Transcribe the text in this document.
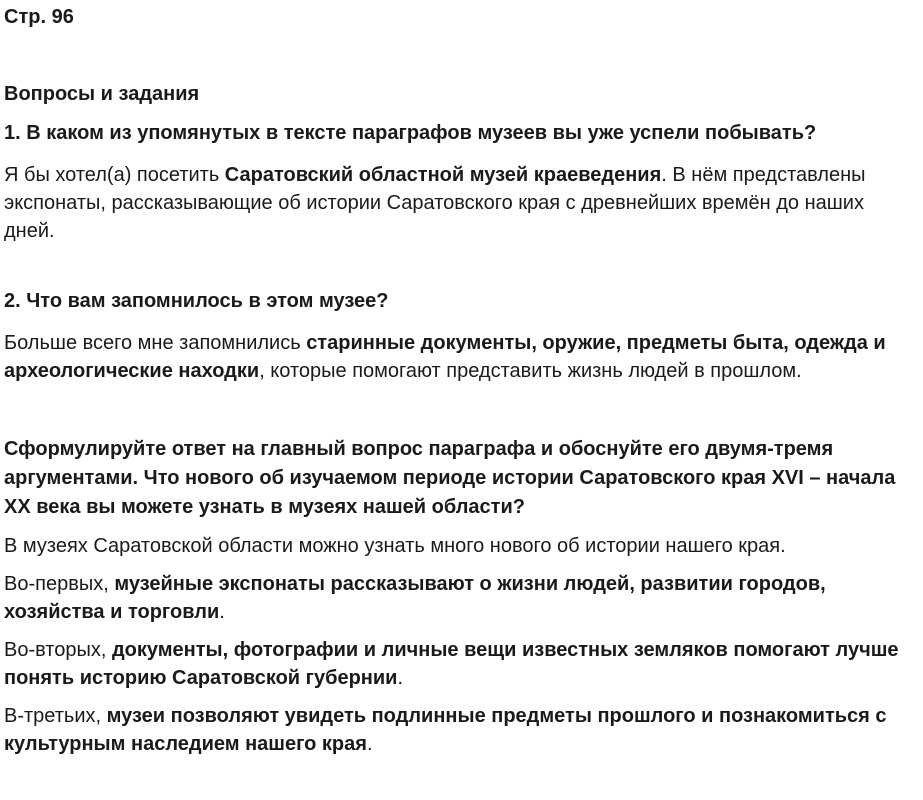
Стр. 96

Вопросы и задания

1. В каком из упомянутых в тексте параграфов музеев вы уже успели побывать?

Я бы хотел(а) посетить Саратовский областной музей краеведения. В нём представлены экспонаты, рассказывающие об истории Саратовского края с древнейших времён до наших дней.

2. Что вам запомнилось в этом музее?

Больше всего мне запомнились старинные документы, оружие, предметы быта, одежда и археологические находки, которые помогают представить жизнь людей в прошлом.

Сформулируйте ответ на главный вопрос параграфа и обоснуйте его двумя-тремя аргументами. Что нового об изучаемом периоде истории Саратовского края XVI – начала XX века вы можете узнать в музеях нашей области?

В музеях Саратовской области можно узнать много нового об истории нашего края.

Во-первых, музейные экспонаты рассказывают о жизни людей, развитии городов, хозяйства и торговли.

Во-вторых, документы, фотографии и личные вещи известных земляков помогают лучше понять историю Саратовской губернии.

В-третьих, музеи позволяют увидеть подлинные предметы прошлого и познакомиться с культурным наследием нашего края.
